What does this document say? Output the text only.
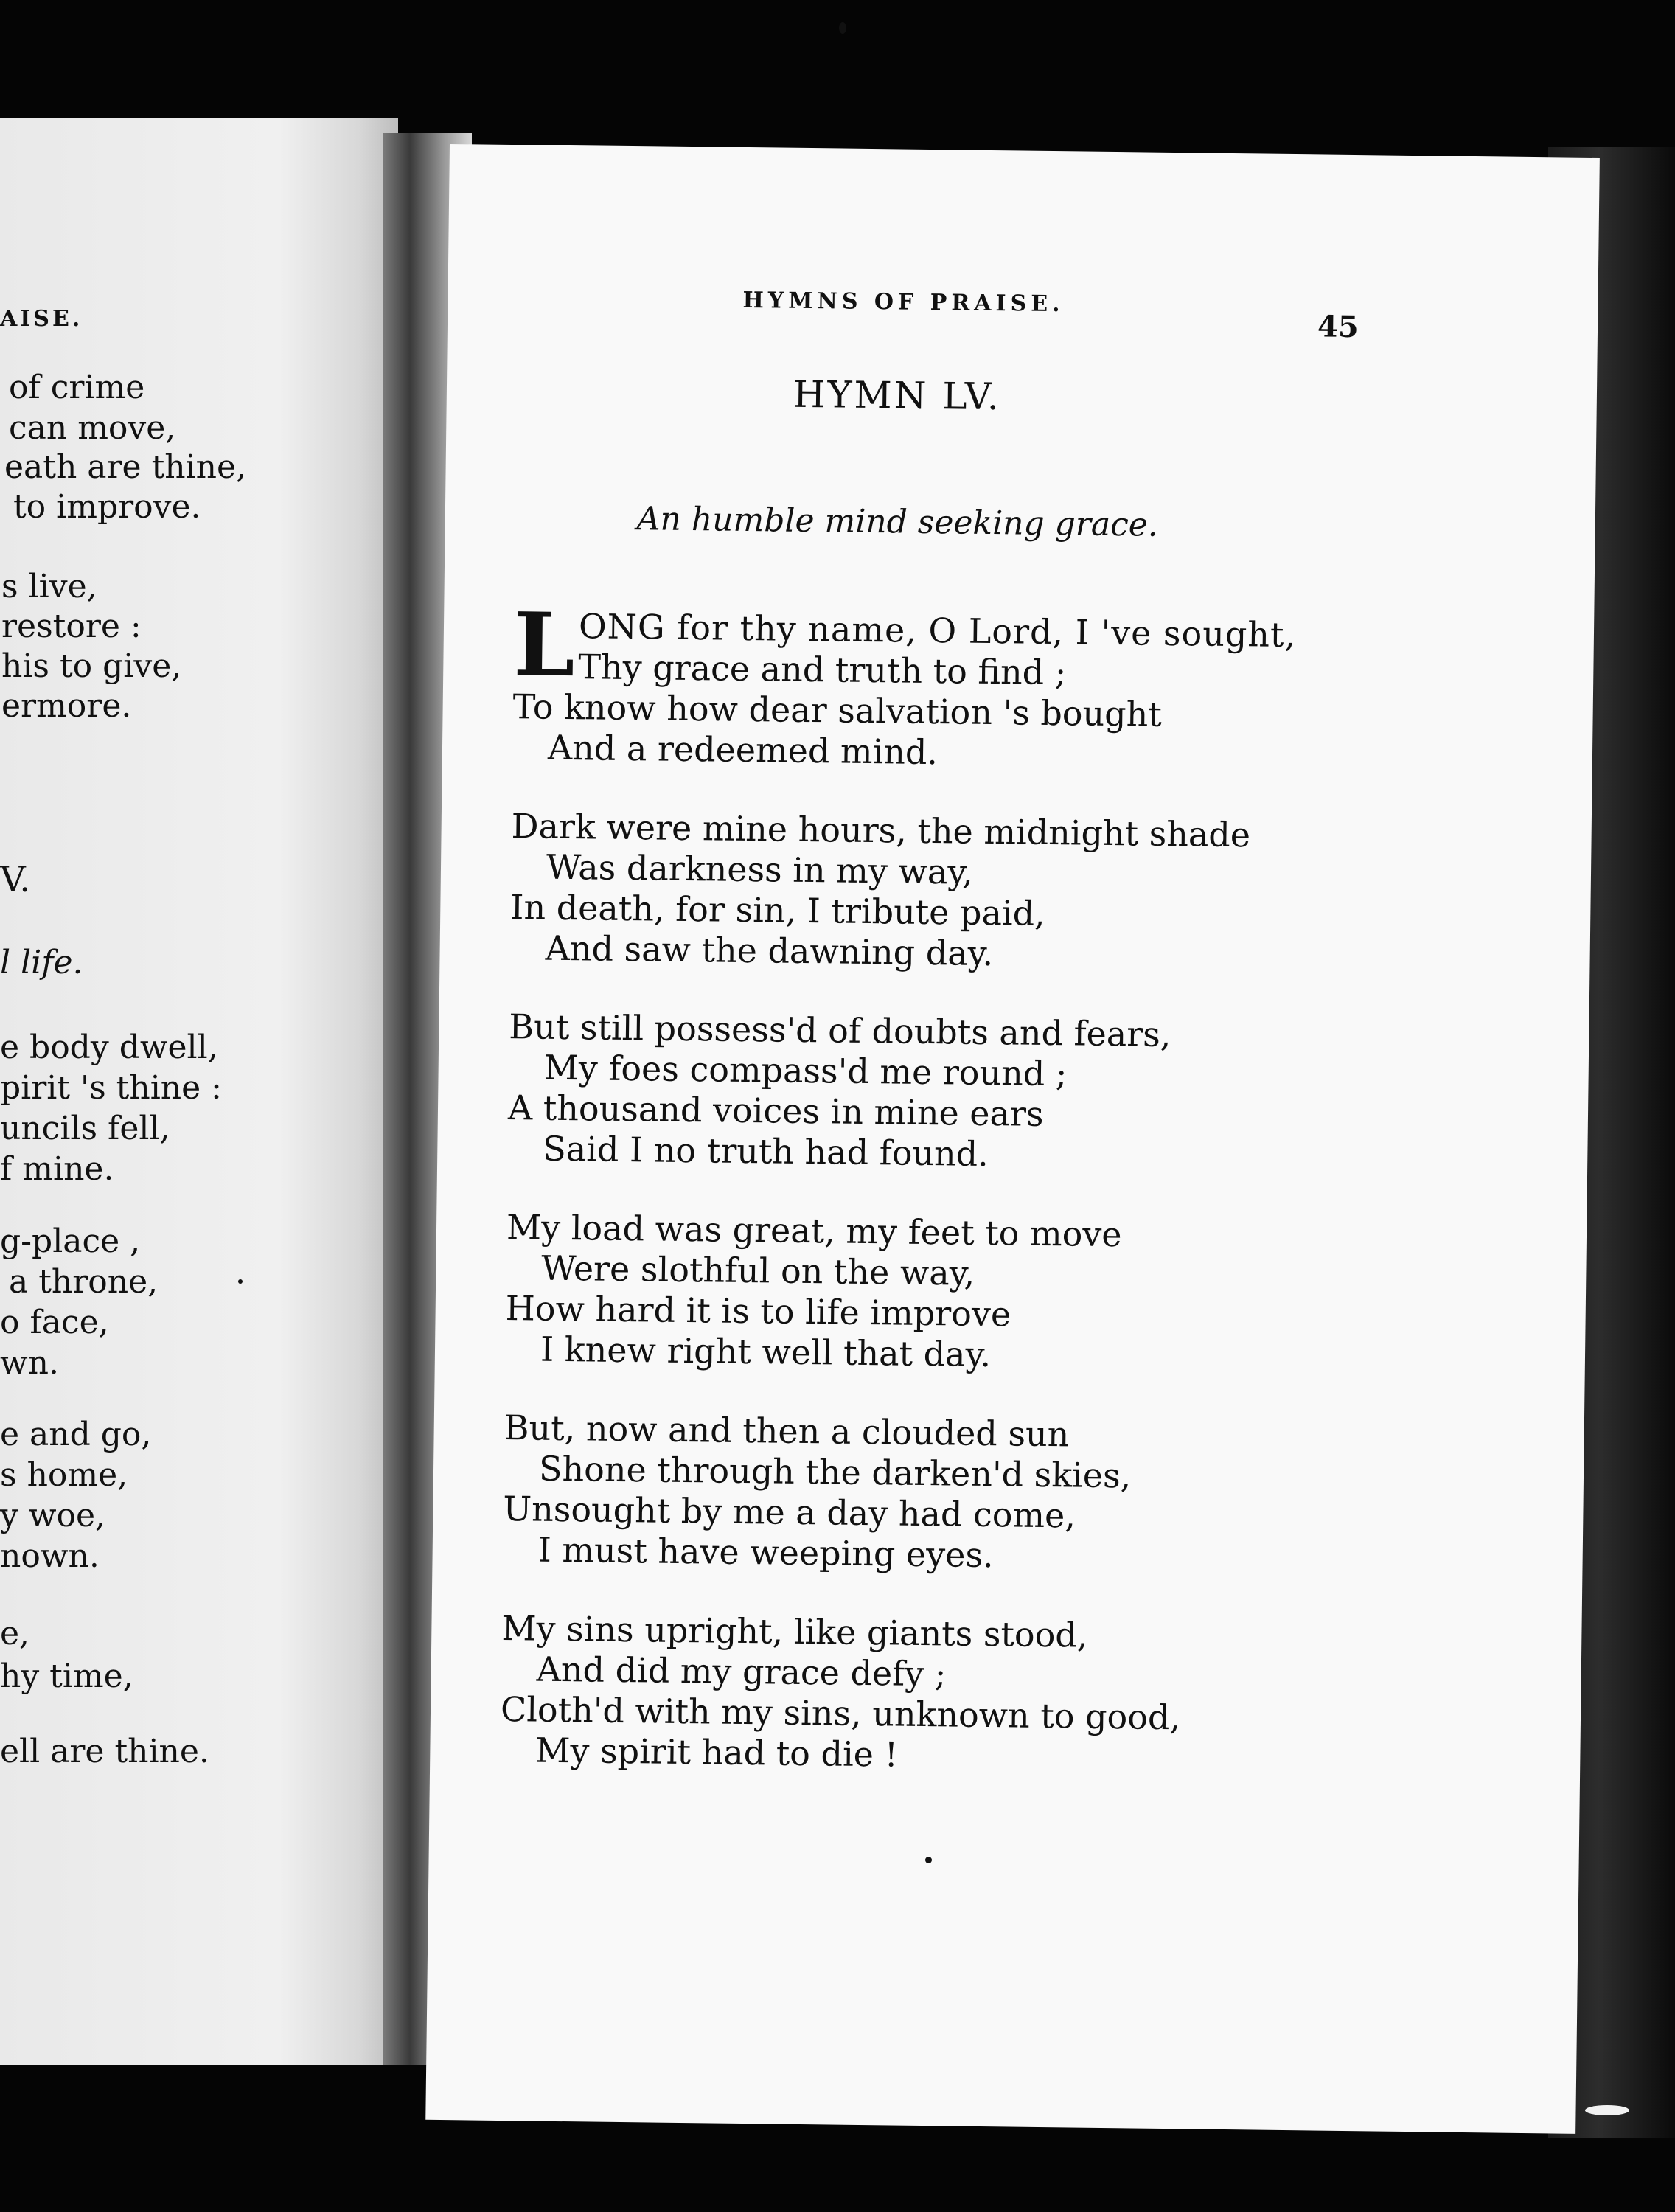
AISE.
of crime
can move,
eath are thine,
to improve.
s live,
restore :
his to give,
ermore.
V.
l life.
e body dwell,
pirit 's thine :
uncils fell,
f mine.
g-place ,
a throne,
o face,
wn.
e and go,
s home,
y woe,
nown.
e,
hy time,
ell are thine.
HYMNS OF PRAISE.
45
HYMN LV.
An humble mind seeking grace.
L ONG for thy name, O Lord, I 've sought,
Thy grace and truth to find ;
To know how dear salvation 's bought
And a redeemed mind.
Dark were mine hours, the midnight shade
Was darkness in my way,
In death, for sin, I tribute paid,
And saw the dawning day.
But still possess'd of doubts and fears,
My foes compass'd me round ;
A thousand voices in mine ears
Said I no truth had found.
My load was great, my feet to move
Were slothful on the way,
How hard it is to life improve
I knew right well that day.
But, now and then a clouded sun
Shone through the darken'd skies,
Unsought by me a day had come,
I must have weeping eyes.
My sins upright, like giants stood,
And did my grace defy ;
Cloth'd with my sins, unknown to good,
My spirit had to die !
